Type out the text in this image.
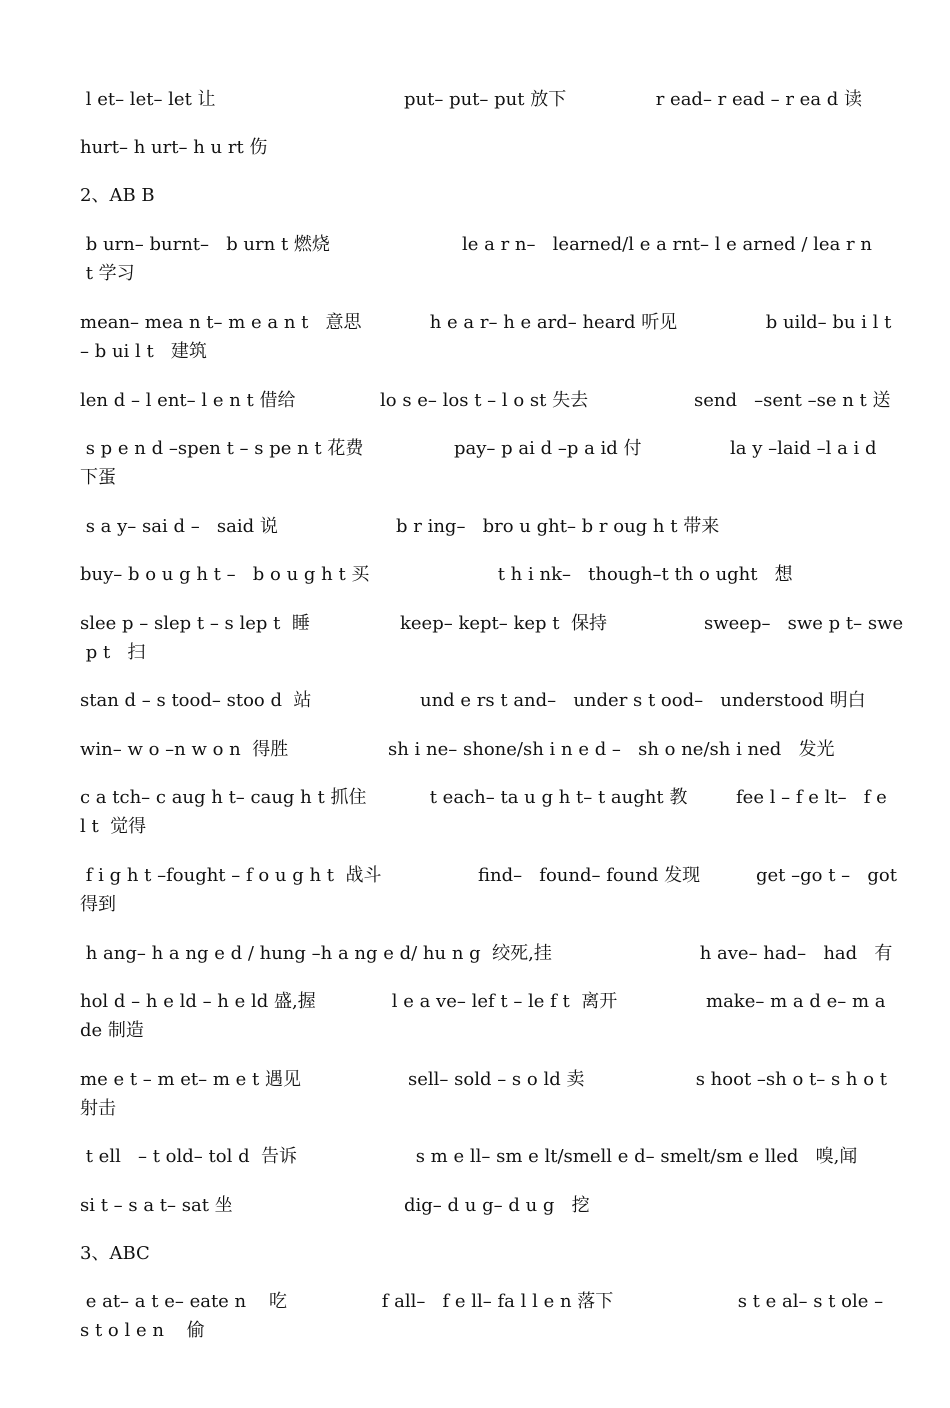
l et– let– let 让	put– put– put 放下	r ead– r ead – r ea d 读
hurt– h urt– h u rt 伤
2、AB B
b urn– burnt–   b urn t 燃烧	le a r n–   learned/l e a rnt– l e arned / lea r n
t 学习
mean– mea n t– m e a n t   意思	h e a r– h e ard– heard 听见	b uild– bu i l t
– b ui l t   建筑
len d – l ent– l e n t 借给	lo s e– los t – l o st 失去	send   –sent –se n t 送
s p e n d –spen t – s pe n t 花费	pay– p ai d –p a id 付	la y –laid –l a i d
下蛋
s a y– sai d –   said 说	b r ing–   bro u ght– b r oug h t 带来
buy– b o u g h t –   b o u g h t 买	t h i nk–   though–t th o ught   想
slee p – slep t – s lep t  睡	keep– kept– kep t  保持	sweep–   swe p t– swe
p t   扫
stan d – s tood– stoo d  站	und e rs t and–   under s t ood–   understood 明白
win– w o –n w o n  得胜	sh i ne– shone/sh i n e d –   sh o ne/sh i ned   发光
c a tch– c aug h t– caug h t 抓住	t each– ta u g h t– t aught 教	fee l – f e lt–   f e
l t  觉得
f i g h t –fought – f o u g h t  战斗	find–   found– found 发现	get –go t –   got
得到
h ang– h a ng e d / hung –h a ng e d/ hu n g  绞死,挂	h ave– had–   had   有
hol d – h e ld – h e ld 盛,握	l e a ve– lef t – le f t  离开	make– m a d e– m a
de 制造
me e t – m et– m e t 遇见	sell– sold – s o ld 卖	s hoot –sh o t– s h o t
射击
t ell   – t old– tol d  告诉	s m e ll– sm e lt/smell e d– smelt/sm e lled   嗅,闻
si t – s a t– sat 坐	dig– d u g– d u g   挖
3、ABC
e at– a t e– eate n    吃	f all–   f e ll– fa l l e n 落下	s t e al– s t ole –
s t o l e n    偷
